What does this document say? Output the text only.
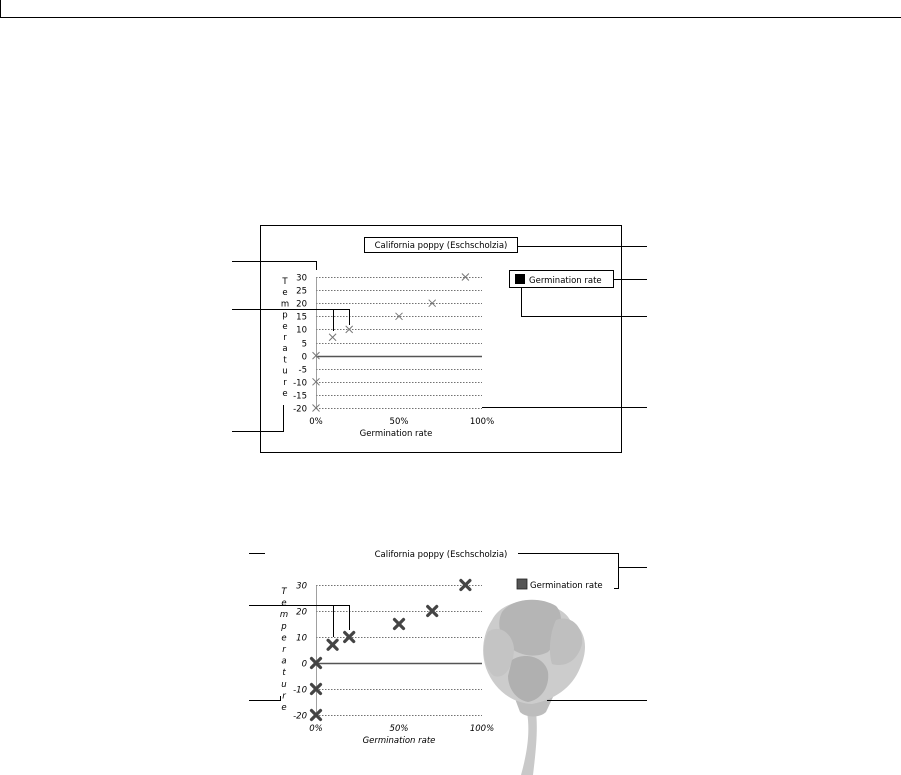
30
25
20
15
10
5
0
-5
-10
-15
-20
0%	50%	100%
California poppy (Eschscholzia)
Germination rate
T
e
m
p
e
r
a
t
u
r
e
Germination rate
30
20
10
0
-10
-20
0%	50%	100%
California poppy (Eschscholzia)
Germination rate
T
e
m
p
e
r
a
t
u
r
e
Germination rate
